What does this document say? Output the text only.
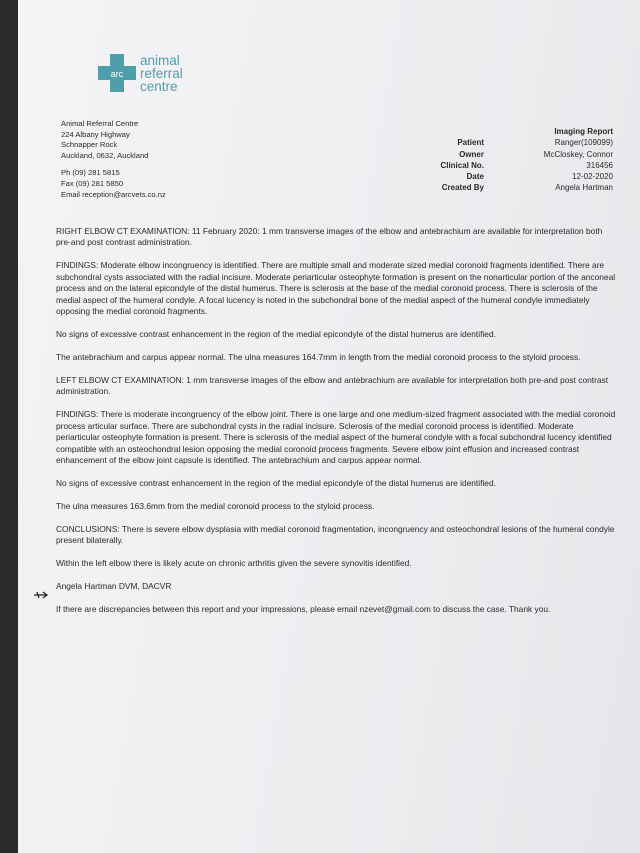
arc
animal
referral
centre
Animal Referral Centre
224 Albany Highway
Schnapper Rock
Auckland, 0632, Auckland
Ph (09) 281 5815
Fax (09) 281 5850
Email reception@arcvets.co.nz
Imaging Report
Patient	Ranger(109099)
Owner	McCloskey, Connor
Clinical No.	316456
Date	12-02-2020
Created By	Angela Hartman

RIGHT ELBOW CT EXAMINATION: 11 February 2020: 1 mm transverse images of the elbow and antebrachium are available for interpretation both pre-and post contrast administration.

FINDINGS: Moderate elbow incongruency is identified. There are multiple small and moderate sized medial coronoid fragments identified. There are subchondral cysts associated with the radial incisure. Moderate periarticular osteophyte formation is present on the nonarticular portion of the anconeal process and on the lateral epicondyle of the distal humerus. There is sclerosis at the base of the medial coronoid process. There is sclerosis of the medial aspect of the humeral condyle. A focal lucency is noted in the subchondral bone of the medial aspect of the humeral condyle immediately opposing the medial coronoid fragments.

No signs of excessive contrast enhancement in the region of the medial epicondyle of the distal humerus are identified.

The antebrachium and carpus appear normal. The ulna measures 164.7mm in length from the medial coronoid process to the styloid process.

LEFT ELBOW CT EXAMINATION: 1 mm transverse images of the elbow and antebrachium are available for interpretation both pre-and post contrast administration.

FINDINGS: There is moderate incongruency of the elbow joint. There is one large and one medium-sized fragment associated with the medial coronoid process articular surface. There are subchondral cysts in the radial incisure. Sclerosis of the medial coronoid process is identified. Moderate periarticular osteophyte formation is present. There is sclerosis of the medial aspect of the humeral condyle with a focal subchondral lucency identified compatible with an osteochondral lesion opposing the medial coronoid process fragments. Severe elbow joint effusion and increased contrast enhancement of the elbow joint capsule is identified. The antebrachium and carpus appear normal.

No signs of excessive contrast enhancement in the region of the medial epicondyle of the distal humerus are identified.

The ulna measures 163.6mm from the medial coronoid process to the styloid process.

CONCLUSIONS: There is severe elbow dysplasia with medial coronoid fragmentation, incongruency and osteochondral lesions of the humeral condyle present bilaterally.

Within the left elbow there is likely acute on chronic arthritis given the severe synovitis identified.

Angela Hartman DVM, DACVR

If there are discrepancies between this report and your impressions, please email nzevet@gmail.com to discuss the case. Thank you.
